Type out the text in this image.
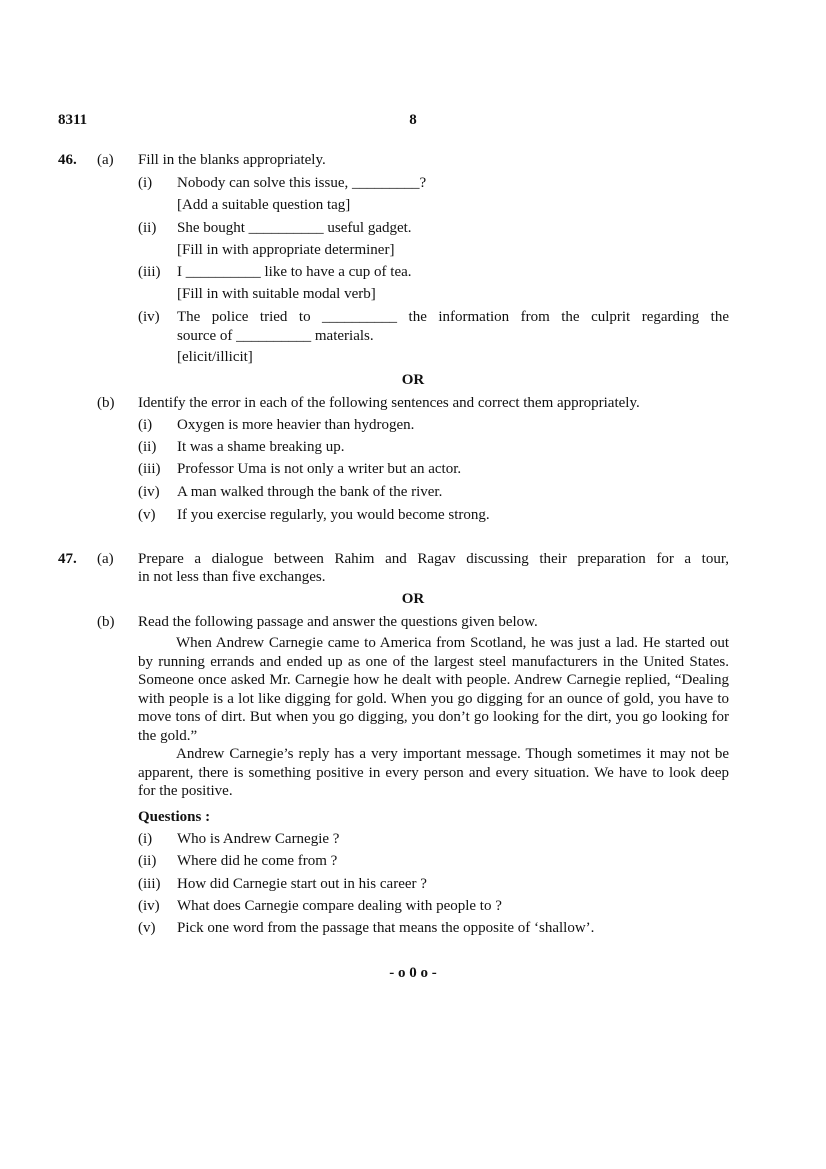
8311	8
46. (a) Fill in the blanks appropriately.
(i) Nobody can solve this issue, _________?
[Add a suitable question tag]
(ii) She bought __________ useful gadget.
[Fill in with appropriate determiner]
(iii) I __________ like to have a cup of tea.
[Fill in with suitable modal verb]
(iv) The police tried to __________ the information from the culprit regarding the
source of __________ materials.
[elicit/illicit]
OR
(b) Identify the error in each of the following sentences and correct them appropriately.
(i) Oxygen is more heavier than hydrogen.
(ii) It was a shame breaking up.
(iii) Professor Uma is not only a writer but an actor.
(iv) A man walked through the bank of the river.
(v) If you exercise regularly, you would become strong.
47. (a) Prepare a dialogue between Rahim and Ragav discussing their preparation for a tour,
in not less than five exchanges.
OR
(b) Read the following passage and answer the questions given below.

When Andrew Carnegie came to America from Scotland, he was just a lad. He started out by running errands and ended up as one of the largest steel manufacturers in the United States. Someone once asked Mr. Carnegie how he dealt with people. Andrew Carnegie replied, “Dealing with people is a lot like digging for gold. When you go digging for an ounce of gold, you have to move tons of dirt. But when you go digging, you don’t go looking for the dirt, you go looking for the gold.”

Andrew Carnegie’s reply has a very important message. Though sometimes it may not be apparent, there is something positive in every person and every situation. We have to look deep for the positive.

Questions :
(i) Who is Andrew Carnegie ?
(ii) Where did he come from ?
(iii) How did Carnegie start out in his career ?
(iv) What does Carnegie compare dealing with people to ?
(v) Pick one word from the passage that means the opposite of ‘shallow’.
- o 0 o -
